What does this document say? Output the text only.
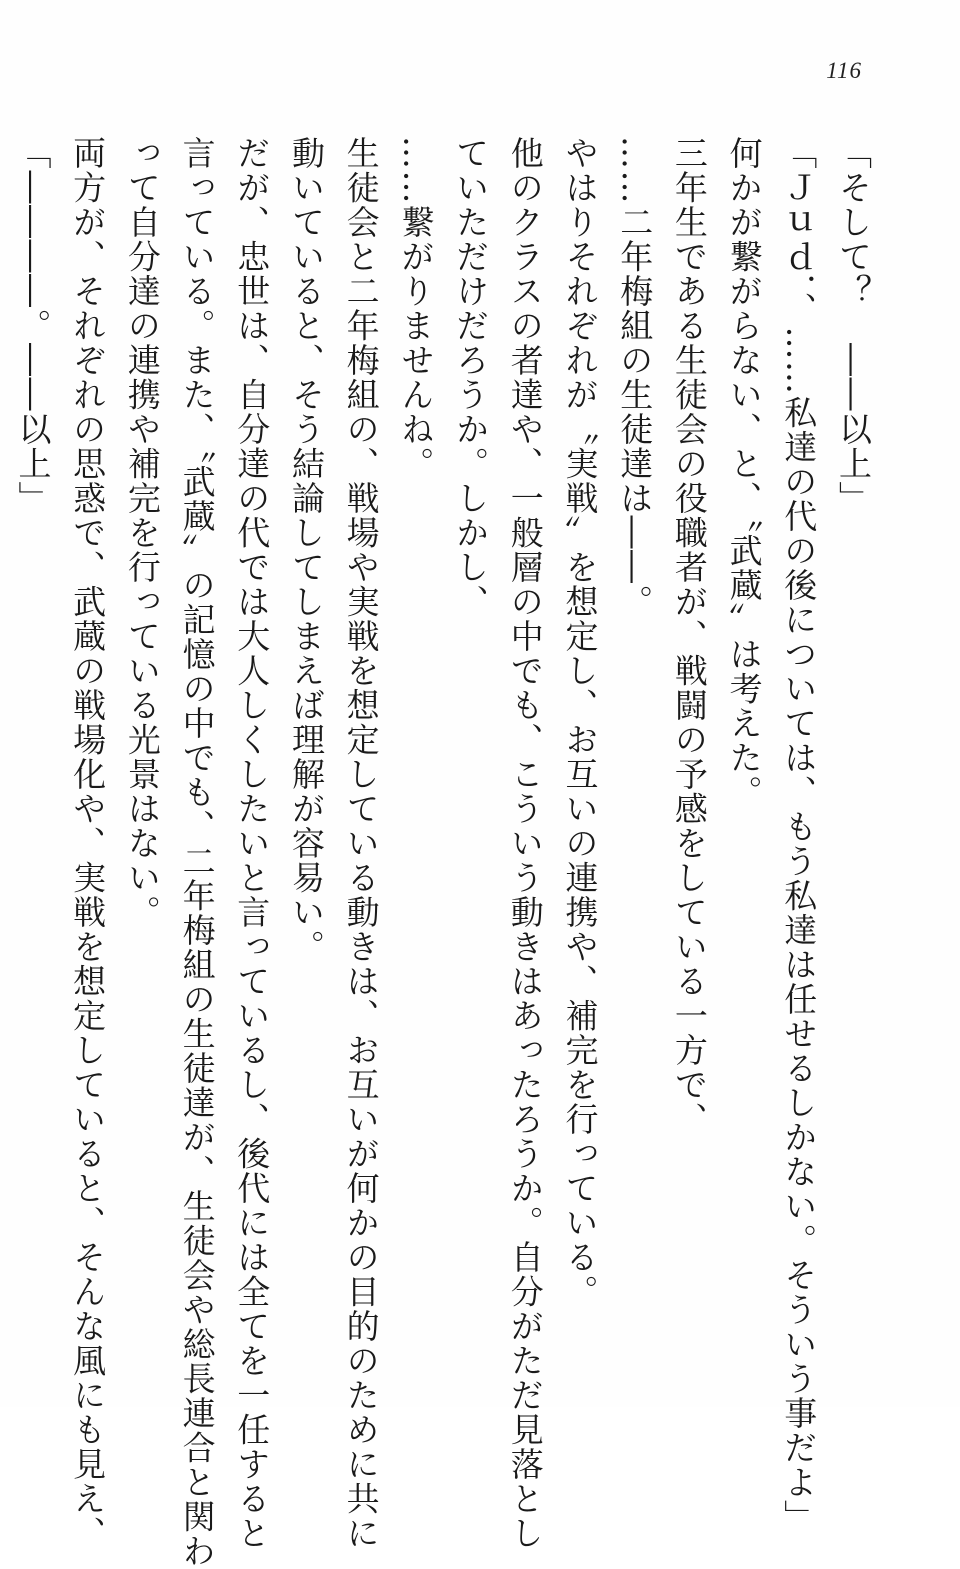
116
「そして？　――以上」
「Ｊｕｄ．、……私達の代の後については、もう私達は任せるしかない。そういう事だよ」
何かが繋がらない、と、〝武蔵〟は考えた。
三年生である生徒会の役職者が、戦闘の予感をしている一方で、
……二年梅組の生徒達は――。
やはりそれぞれが〝実戦〟を想定し、お互いの連携や、補完を行っている。
他のクラスの者達や、一般層の中でも、こういう動きはあったろうか。自分がただ見落とし
ていただけだろうか。しかし、
……繋がりませんね。
生徒会と二年梅組の、戦場や実戦を想定している動きは、お互いが何かの目的のために共に
動いていると、そう結論してしまえば理解が容易い。
だが、忠世は、自分達の代では大人しくしたいと言っているし、後代には全てを一任すると
言っている。また、〝武蔵〟の記憶の中でも、二年梅組の生徒達が、生徒会や総長連合と関わ
って自分達の連携や補完を行っている光景はない。
両方が、それぞれの思惑で、武蔵の戦場化や、実戦を想定していると、そんな風にも見え、
「――――。――以上」
